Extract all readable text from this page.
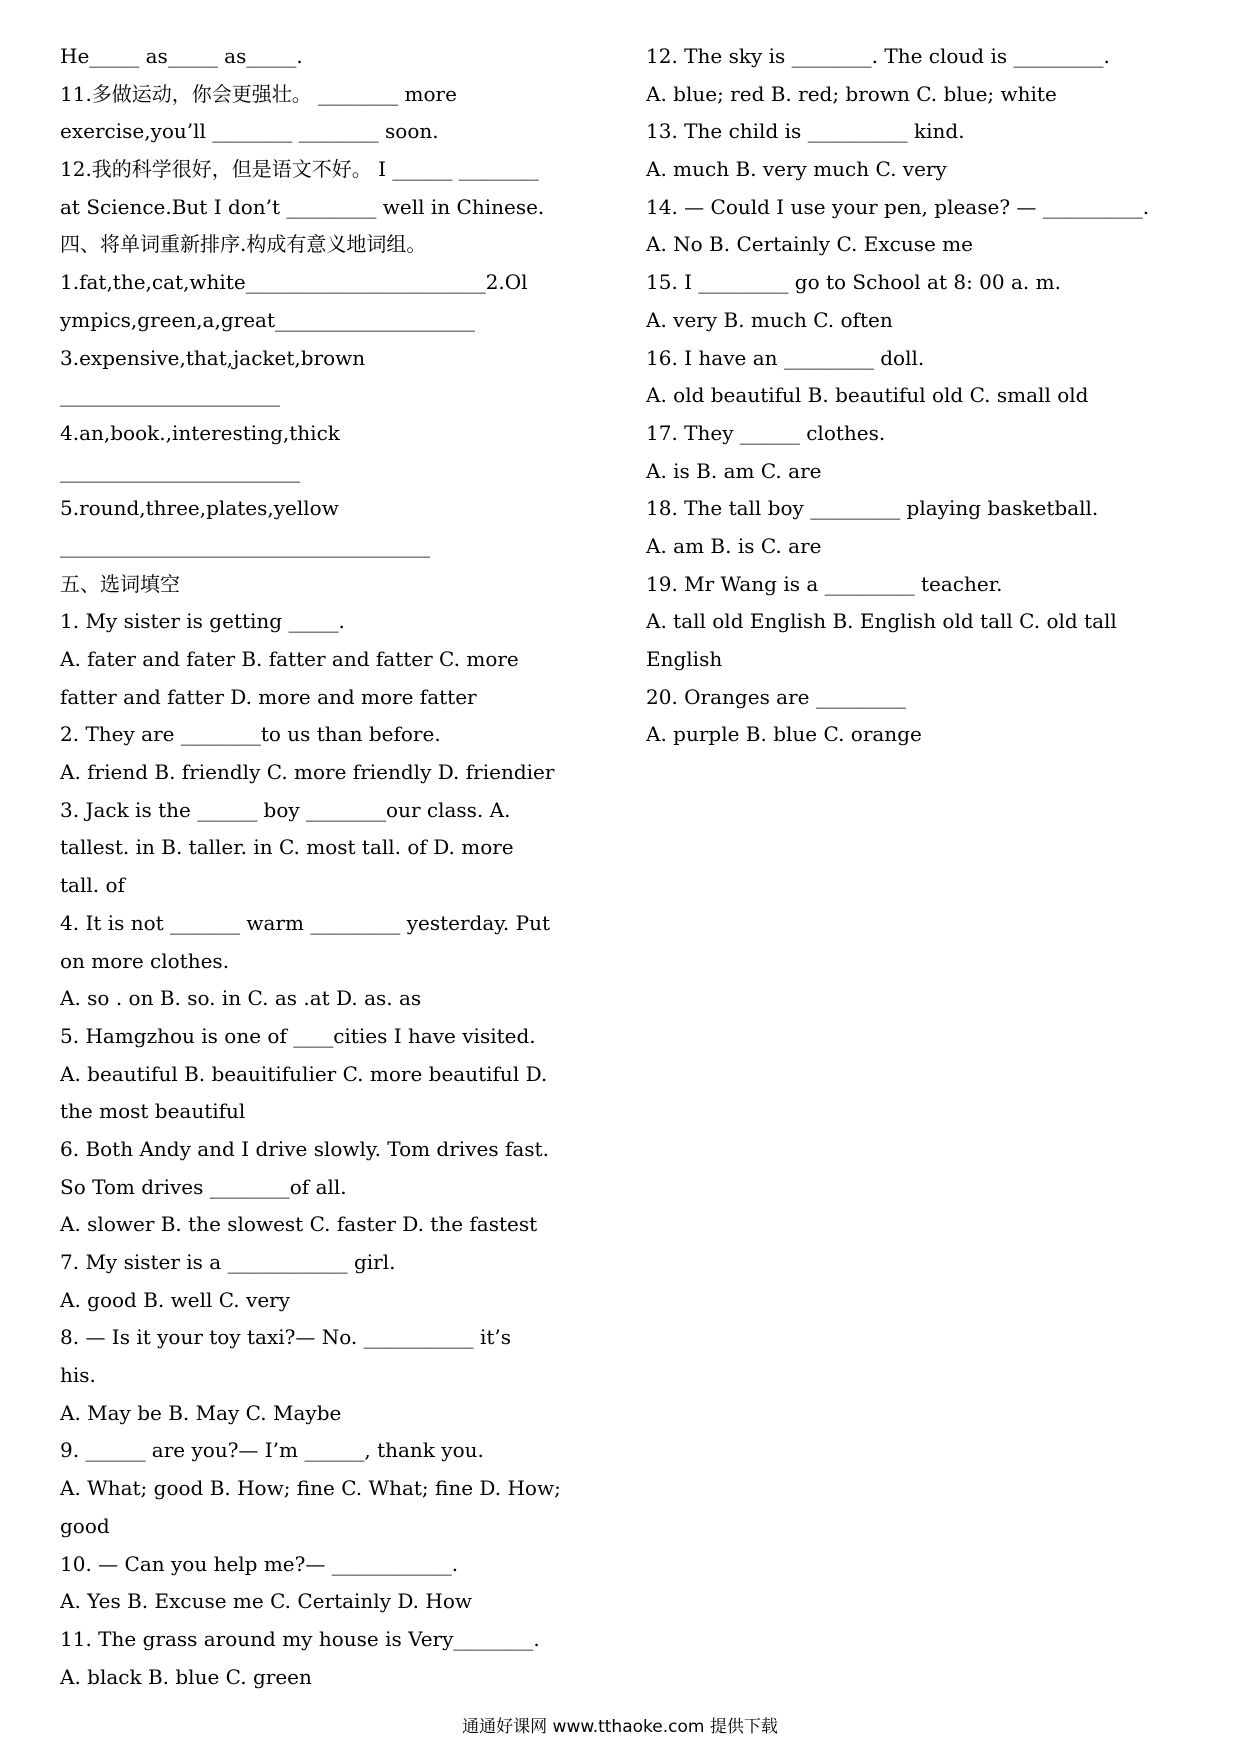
He_____ as_____ as_____.
11.多做运动，你会更强壮。 ________ more
exercise,you’ll ________ ________ soon.
12.我的科学很好，但是语文不好。 I ______ ________
at Science.But I don’t _________ well in Chinese.
四、将单词重新排序.构成有意义地词组。
1.fat,the,cat,white________________________2.Ol
ympics,green,a,great____________________
3.expensive,that,jacket,brown
______________________
4.an,book.,interesting,thick
________________________
5.round,three,plates,yellow
_____________________________________
五、选词填空
1. My sister is getting _____.
A. fater and fater B. fatter and fatter C. more
fatter and fatter D. more and more fatter
2. They are ________to us than before.
A. friend B. friendly C. more friendly D. friendier
3. Jack is the ______ boy ________our class. A.
tallest. in B. taller. in C. most tall. of D. more
tall. of
4. It is not _______ warm _________ yesterday. Put
on more clothes.
A. so . on B. so. in C. as .at D. as. as
5. Hamgzhou is one of ____cities I have visited.
A. beautiful B. beauitifulier C. more beautiful D.
the most beautiful
6. Both Andy and I drive slowly. Tom drives fast.
So Tom drives ________of all.
A. slower B. the slowest C. faster D. the fastest
7. My sister is a ____________ girl.
A. good B. well C. very
8. — Is it your toy taxi?— No. ___________ it’s
his.
A. May be B. May C. Maybe
9. ______ are you?— I’m ______, thank you.
A. What; good B. How; fine C. What; fine D. How;
good
10. — Can you help me?— ____________.
A. Yes B. Excuse me C. Certainly D. How
11. The grass around my house is Very________.
A. black B. blue C. green
12. The sky is ________. The cloud is _________.
A. blue; red B. red; brown C. blue; white
13. The child is __________ kind.
A. much B. very much C. very
14. — Could I use your pen, please? — __________.
A. No B. Certainly C. Excuse me
15. I _________ go to School at 8: 00 a. m.
A. very B. much C. often
16. I have an _________ doll.
A. old beautiful B. beautiful old C. small old
17. They ______ clothes.
A. is B. am C. are
18. The tall boy _________ playing basketball.
A. am B. is C. are
19. Mr Wang is a _________ teacher.
A. tall old English B. English old tall C. old tall
English
20. Oranges are _________
A. purple B. blue C. orange
通通好课网 www.tthaoke.com 提供下载
